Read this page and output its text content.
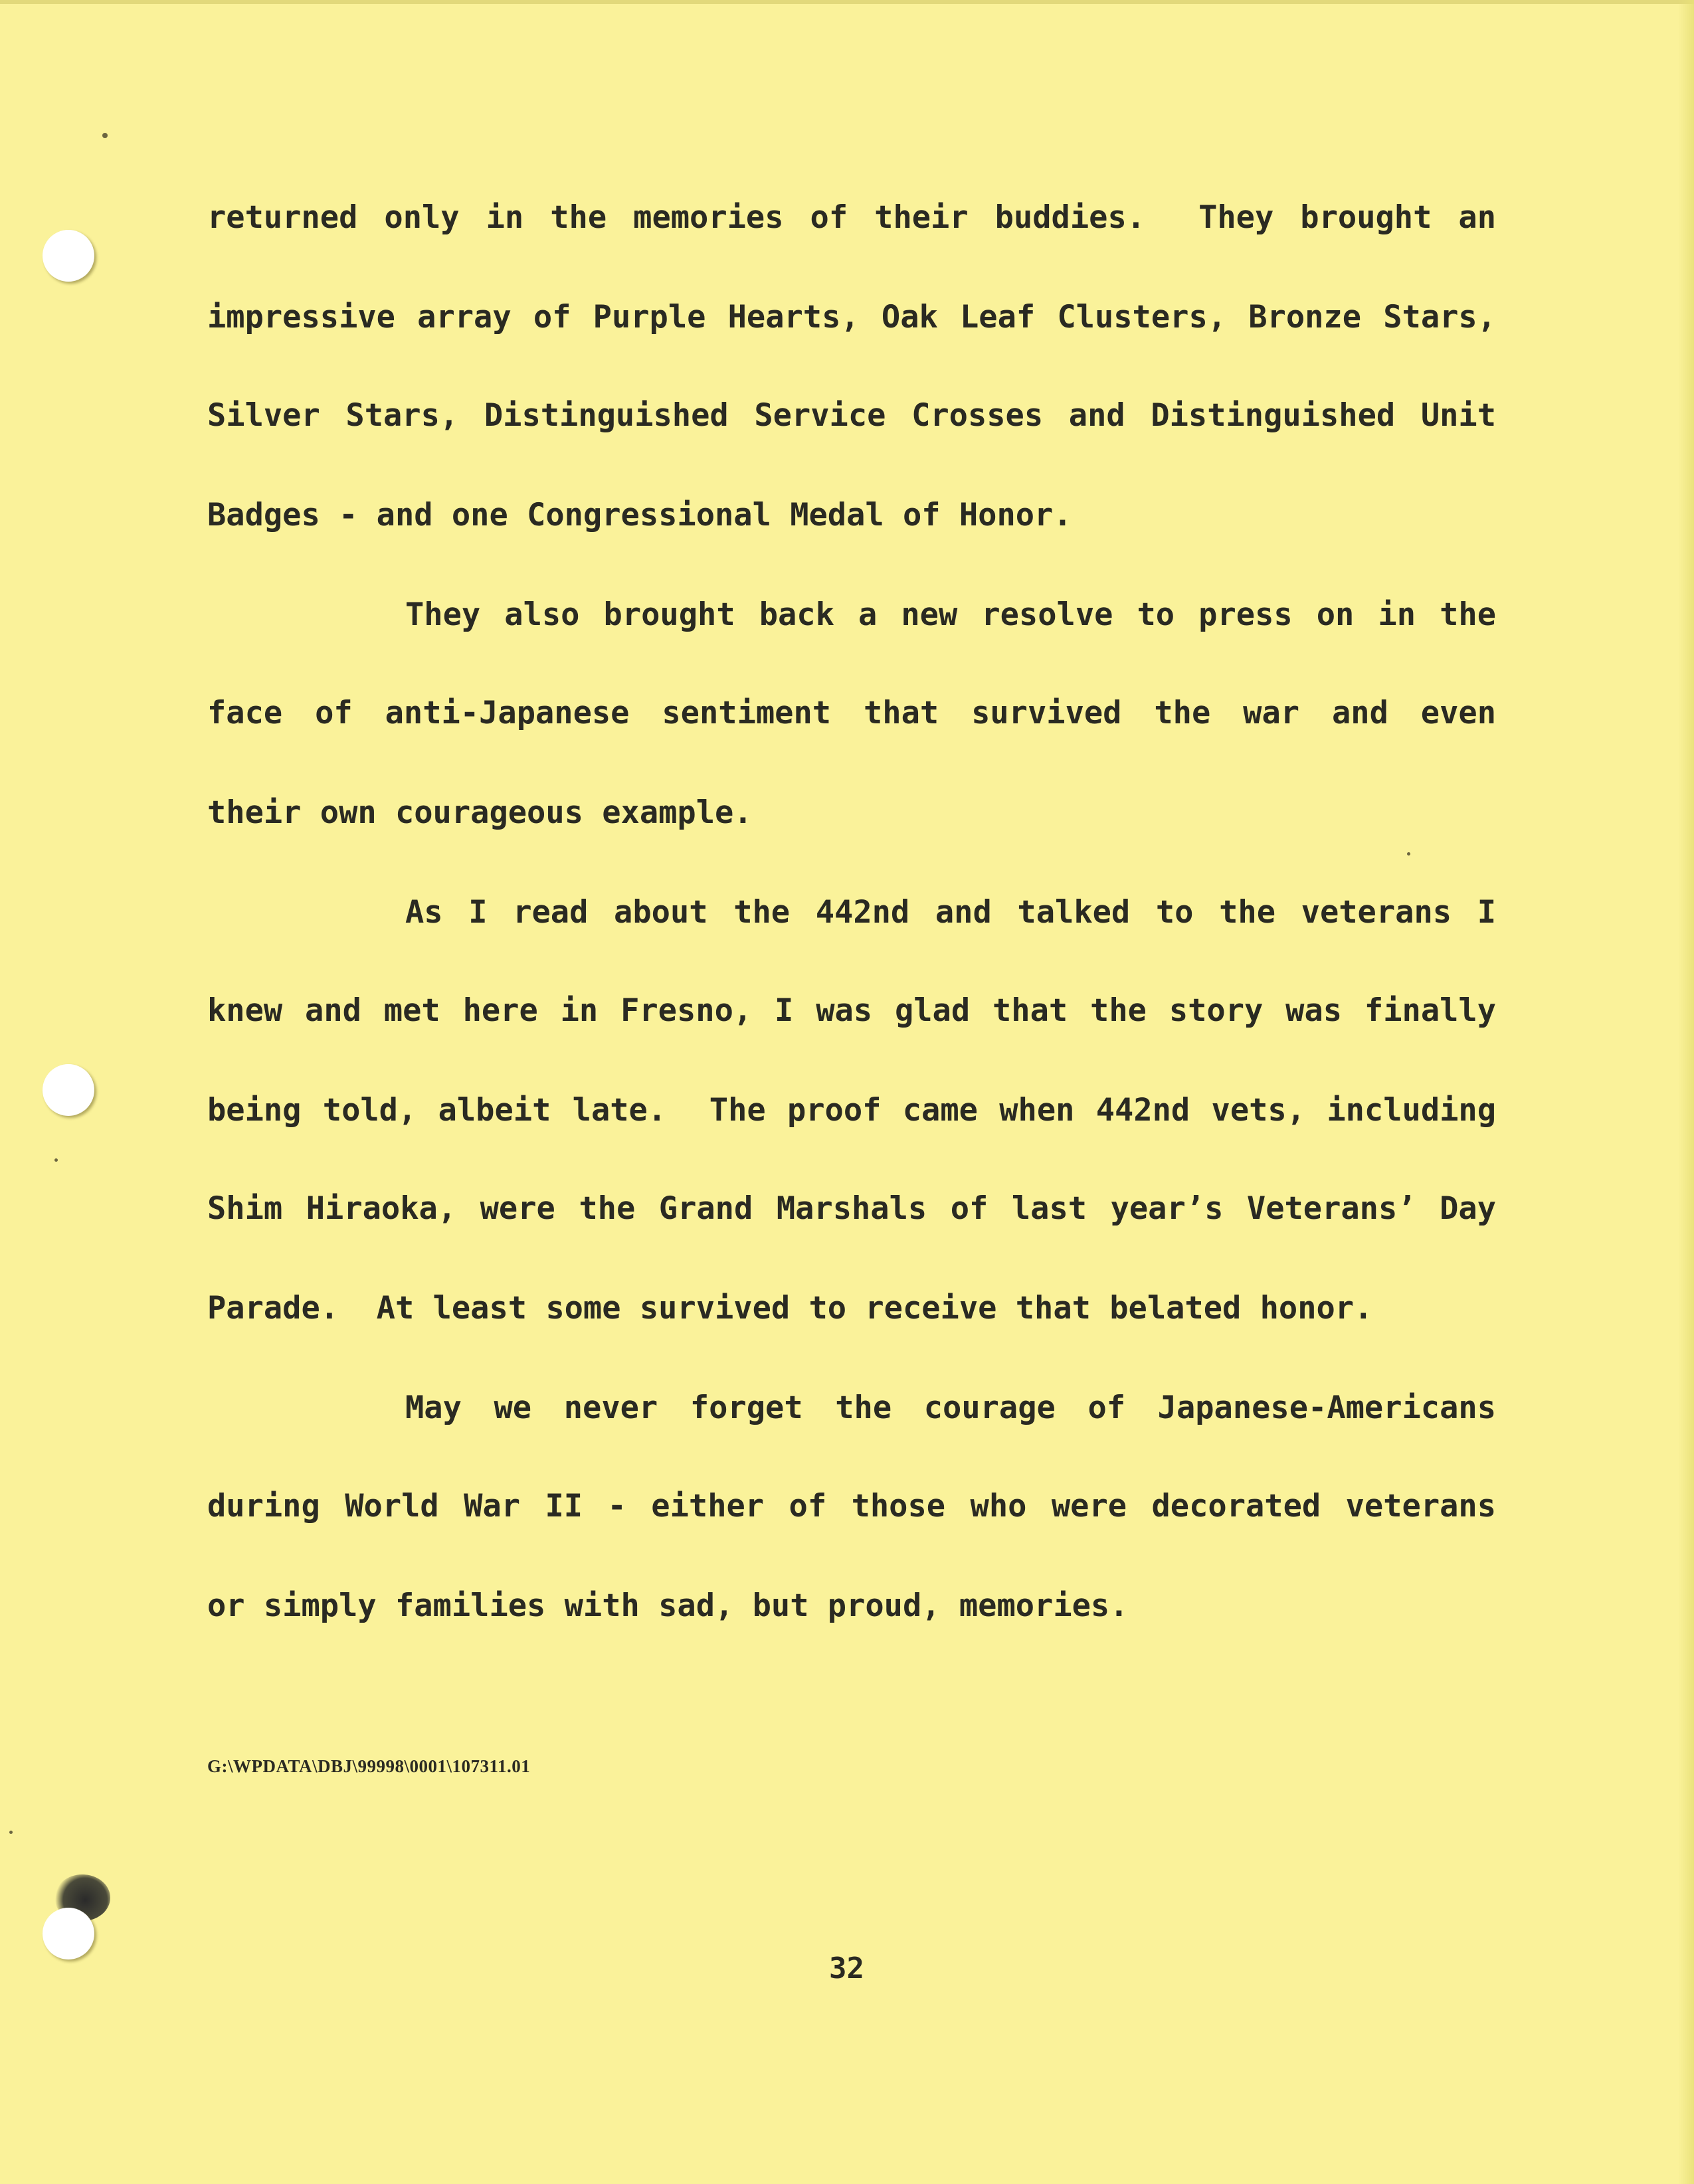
returned only in the memories of their buddies.  They brought an
impressive array of Purple Hearts, Oak Leaf Clusters, Bronze Stars,
Silver Stars, Distinguished Service Crosses and Distinguished Unit
Badges - and one Congressional Medal of Honor.
They also brought back a new resolve to press on in the
face of anti-Japanese sentiment that survived the war and even
their own courageous example.
As I read about the 442nd and talked to the veterans I
knew and met here in Fresno, I was glad that the story was finally
being told, albeit late.  The proof came when 442nd vets, including
Shim Hiraoka, were the Grand Marshals of last year’s Veterans’ Day
Parade.  At least some survived to receive that belated honor.
May we never forget the courage of Japanese-Americans
during World War II - either of those who were decorated veterans
or simply families with sad, but proud, memories.
G:\WPDATA\DBJ\99998\0001\107311.01
32
